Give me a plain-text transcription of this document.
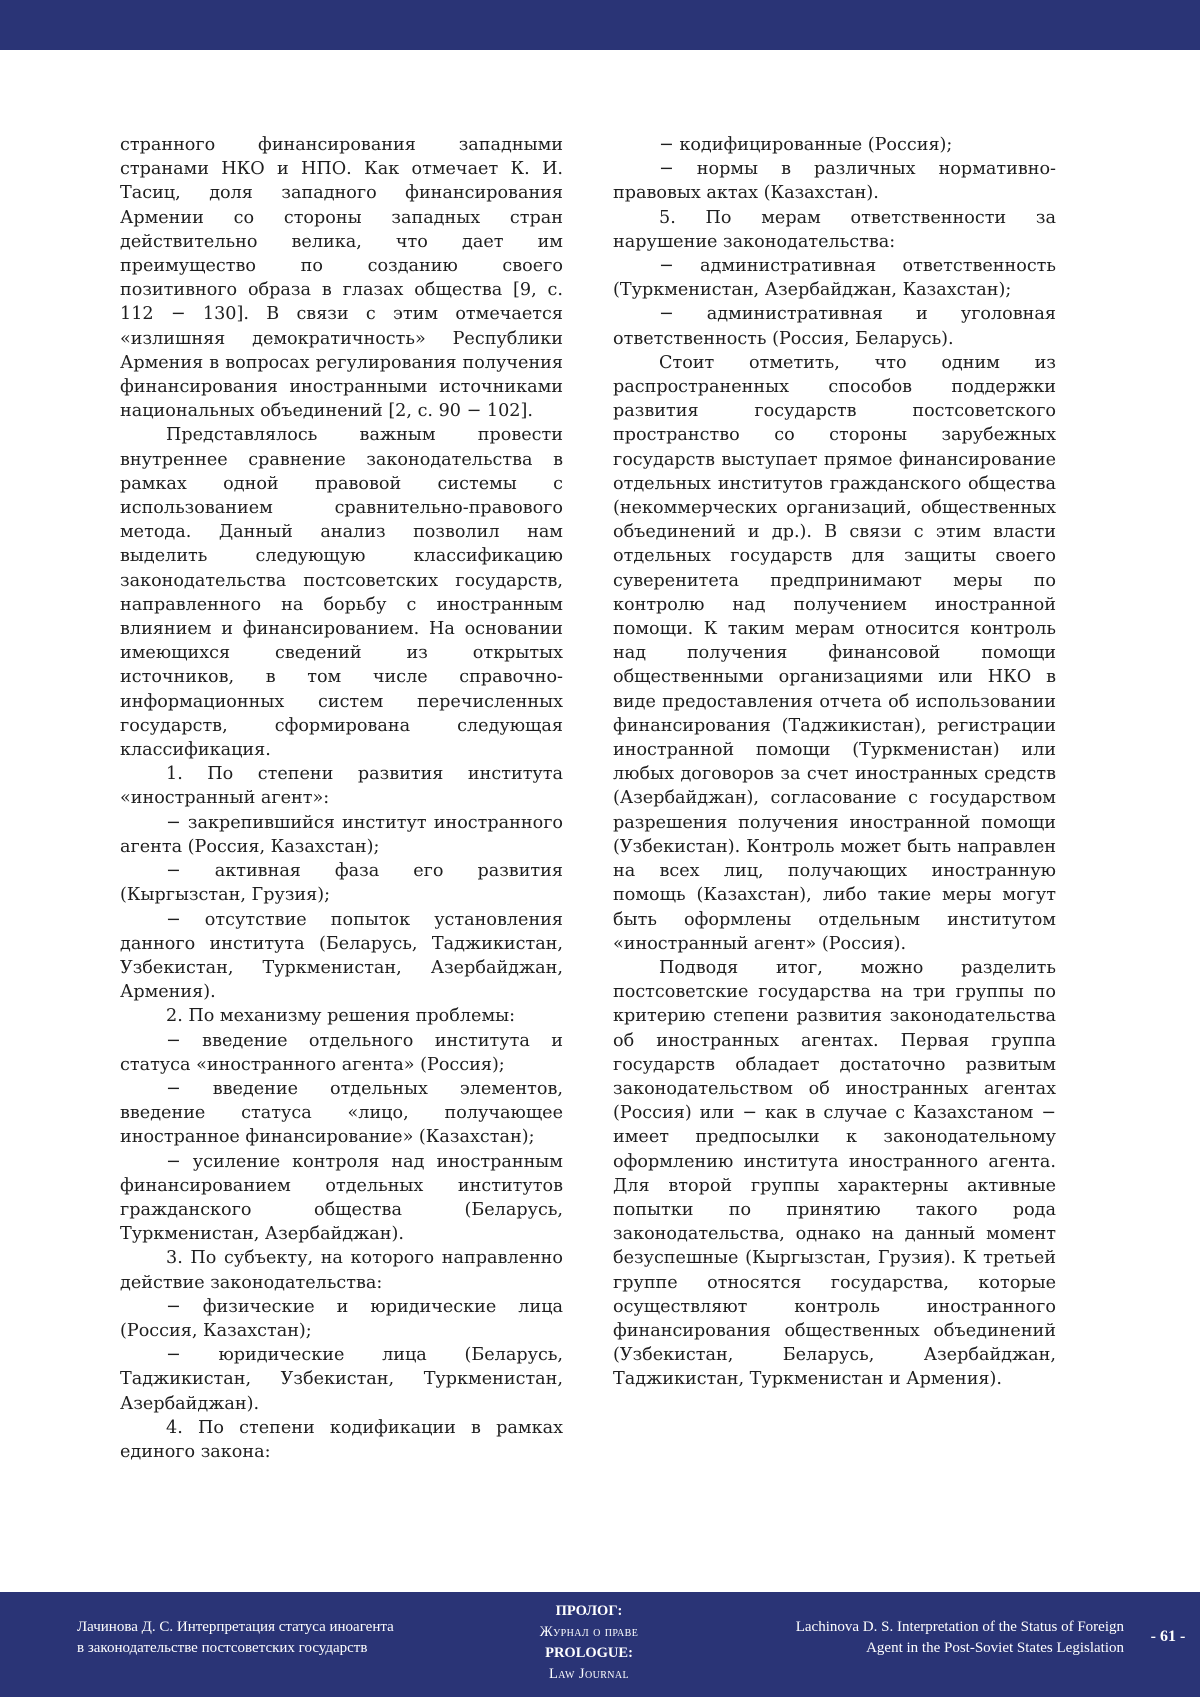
странного финансирования западными странами НКО и НПО. Как отмечает К. И. Тасиц, доля западного финансирования Армении со стороны западных стран действительно велика, что дает им преимущество по созданию своего позитивного образа в глазах общества [9, с. 112 − 130]. В связи с этим отмечается «излишняя демократичность» Республики Армения в вопросах регулирования получения финансирования иностранными источниками национальных объединений [2, с. 90 − 102].

Представлялось важным провести внутреннее сравнение законодательства в рамках одной правовой системы с использованием сравнительно-правового метода. Данный анализ позволил нам выделить следующую классификацию законодательства постсоветских государств, направленного на борьбу с иностранным влиянием и финансированием. На основании имеющихся сведений из открытых источников, в том числе справочно-информационных систем перечисленных государств, сформирована следующая классификация.

1. По степени развития института «иностранный агент»:

− закрепившийся институт иностранного агента (Россия, Казахстан);

− активная фаза его развития (Кыргызстан, Грузия);

− отсутствие попыток установления данного института (Беларусь, Таджикистан, Узбекистан, Туркменистан, Азербайджан, Армения).

2. По механизму решения проблемы:

− введение отдельного института и статуса «иностранного агента» (Россия);

− введение отдельных элементов, введение статуса «лицо, получающее иностранное финансирование» (Казахстан);

− усиление контроля над иностранным финансированием отдельных институтов гражданского общества (Беларусь, Туркменистан, Азербайджан).

3. По субъекту, на которого направленно действие законодательства:

− физические и юридические лица (Россия, Казахстан);

− юридические лица (Беларусь, Таджикистан, Узбекистан, Туркменистан, Азербайджан).

4. По степени кодификации в рамках единого закона:

− кодифицированные (Россия);

− нормы в различных нормативно-правовых актах (Казахстан).

5. По мерам ответственности за нарушение законодательства:

− административная ответственность (Туркменистан, Азербайджан, Казахстан);

− административная и уголовная ответственность (Россия, Беларусь).

Стоит отметить, что одним из распространенных способов поддержки развития государств постсоветского пространство со стороны зарубежных государств выступает прямое финансирование отдельных институтов гражданского общества (некоммерческих организаций, общественных объединений и др.). В связи с этим власти отдельных государств для защиты своего суверенитета предпринимают меры по контролю над получением иностранной помощи. К таким мерам относится контроль над получения финансовой помощи общественными организациями или НКО в виде предоставления отчета об использовании финансирования (Таджикистан), регистрации иностранной помощи (Туркменистан) или любых договоров за счет иностранных средств (Азербайджан), согласование с государством разрешения получения иностранной помощи (Узбекистан). Контроль может быть направлен на всех лиц, получающих иностранную помощь (Казахстан), либо такие меры могут быть оформлены отдельным институтом «иностранный агент» (Россия).

Подводя итог, можно разделить постсоветские государства на три группы по критерию степени развития законодательства об иностранных агентах. Первая группа государств обладает достаточно развитым законодательством об иностранных агентах (Россия) или − как в случае с Казахстаном − имеет предпосылки к законодательному оформлению института иностранного агента. Для второй группы характерны активные попытки по принятию такого рода законодательства, однако на данный момент безуспешные (Кыргызстан, Грузия). К третьей группе относятся государства, которые осуществляют контроль иностранного финансирования общественных объединений (Узбекистан, Беларусь, Азербайджан, Таджикистан, Туркменистан и Армения).

Лачинова Д. С. Интерпретация статуса иноагента
в законодательстве постсоветских государств
ПРОЛОГ:
Журнал о праве
PROLOGUE:
Law Journal
Lachinova D. S. Interpretation of the Status of Foreign
Agent in the Post-Soviet States Legislation
- 61 -
